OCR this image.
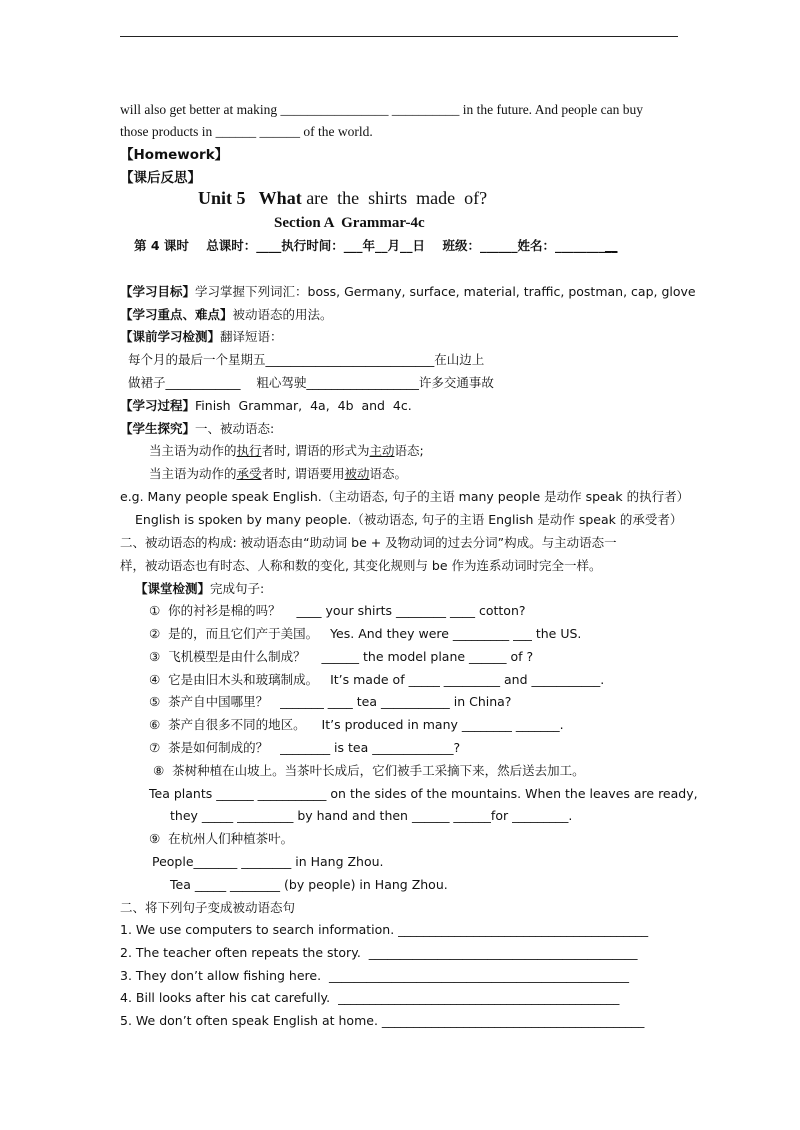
will also get better at making ________________ __________ in the future. And people can buy
those products in ______ ______ of the world.
【Homework】
【课后反思】
Unit 5   What are  the  shirts  made  of?
Section A  Grammar-4c
第 4 课时    总课时：____执行时间：___年__月__日    班级：______姓名：__________
【学习目标】学习掌握下列词汇：boss, Germany, surface, material, traffic, postman, cap, glove
【学习重点、难点】被动语态的用法。
【课前学习检测】翻译短语：
每个月的最后一个星期五___________________________在山边上
做裙子____________    粗心驾驶__________________许多交通事故
【学习过程】Finish  Grammar,  4a,  4b  and  4c.
【学生探究】一、被动语态:
当主语为动作的执行者时, 谓语的形式为主动语态;
当主语为动作的承受者时, 谓语要用被动语态。
e.g. Many people speak English.（主动语态, 句子的主语 many people 是动作 speak 的执行者）
English is spoken by many people.（被动语态, 句子的主语 English 是动作 speak 的承受者）
二、被动语态的构成: 被动语态由“助动词 be + 及物动词的过去分词”构成。与主动语态一
样，被动语态也有时态、人称和数的变化, 其变化规则与 be 作为连系动词时完全一样。
【课堂检测】完成句子:
①  你的衬衫是棉的吗？    ____ your shirts ________ ____ cotton?
②  是的，而且它们产于美国。   Yes. And they were _________ ___ the US.
③  飞机模型是由什么制成？    ______ the model plane ______ of ?
④  它是由旧木头和玻璃制成。   It’s made of _____ _________ and ___________.
⑤  茶产自中国哪里？   _______ ____ tea ___________ in China?
⑥  茶产自很多不同的地区。    It’s produced in many ________ _______.
⑦  茶是如何制成的？   ________ is tea _____________?
⑧  茶树种植在山坡上。当茶叶长成后，它们被手工采摘下来，然后送去加工。
Tea plants ______ ___________ on the sides of the mountains. When the leaves are ready,
they _____ _________ by hand and then ______ ______for _________.
⑨  在杭州人们种植茶叶。
People_______ ________ in Hang Zhou.
Tea _____ ________ (by people) in Hang Zhou.
二、将下列句子变成被动语态句
1. We use computers to search information. ________________________________________
2. The teacher often repeats the story.  ___________________________________________
3. They don’t allow fishing here.  ________________________________________________
4. Bill looks after his cat carefully.  _____________________________________________
5. We don’t often speak English at home. __________________________________________
